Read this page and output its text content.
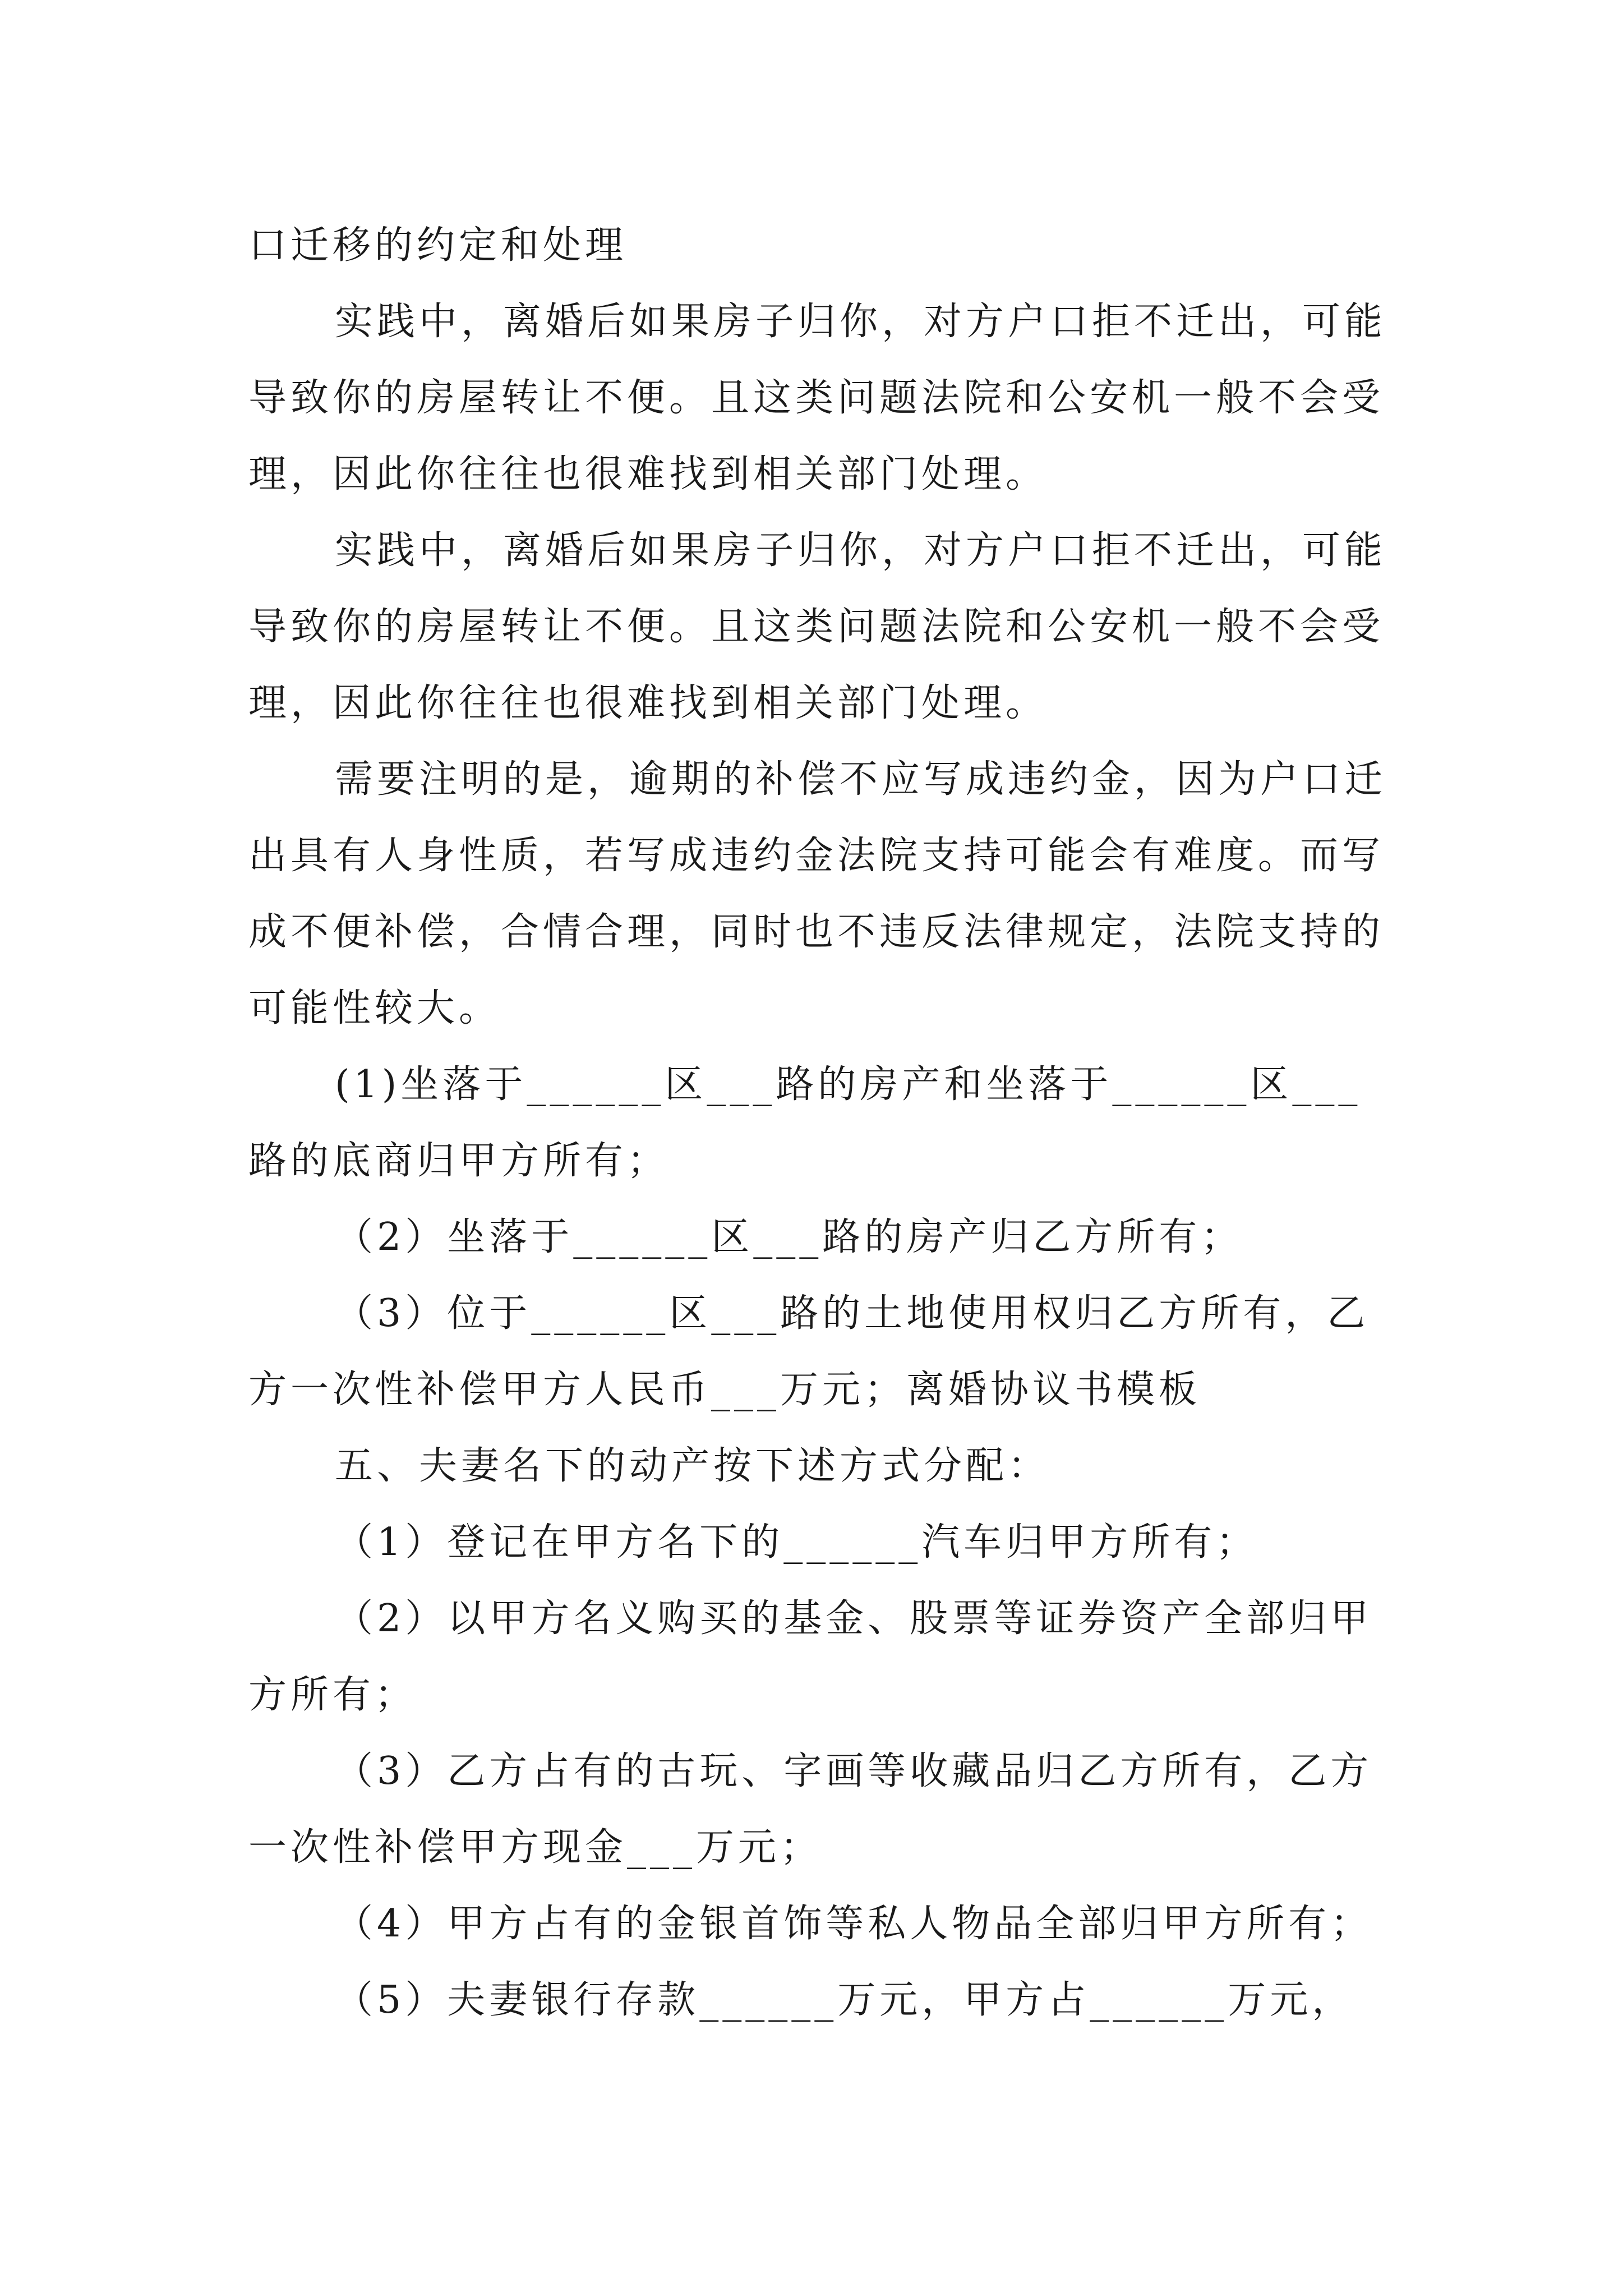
口迁移的约定和处理

实践中，离婚后如果房子归你，对方户口拒不迁出，可能导致你的房屋转让不便。且这类问题法院和公安机一般不会受理，因此你往往也很难找到相关部门处理。

实践中，离婚后如果房子归你，对方户口拒不迁出，可能导致你的房屋转让不便。且这类问题法院和公安机一般不会受理，因此你往往也很难找到相关部门处理。

需要注明的是，逾期的补偿不应写成违约金，因为户口迁出具有人身性质，若写成违约金法院支持可能会有难度。而写成不便补偿，合情合理，同时也不违反法律规定，法院支持的可能性较大。

(1)坐落于______区___路的房产和坐落于______区___路的底商归甲方所有；

（2）坐落于______区___路的房产归乙方所有；

（3）位于______区___路的土地使用权归乙方所有，乙方一次性补偿甲方人民币___万元；离婚协议书模板

五、夫妻名下的动产按下述方式分配：

（1）登记在甲方名下的______汽车归甲方所有；

（2）以甲方名义购买的基金、股票等证券资产全部归甲方所有；

（3）乙方占有的古玩、字画等收藏品归乙方所有，乙方一次性补偿甲方现金___万元；

（4）甲方占有的金银首饰等私人物品全部归甲方所有；

（5）夫妻银行存款______万元，甲方占______万元，
